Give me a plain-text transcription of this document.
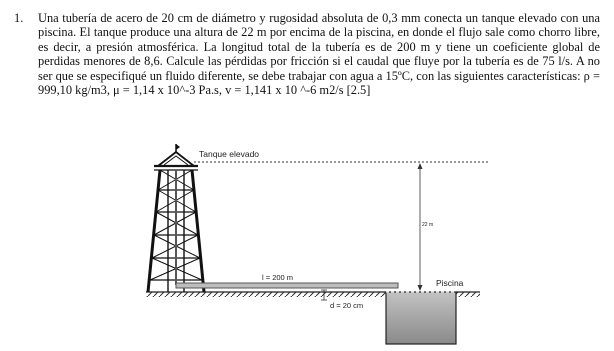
1. Una tubería de acero de 20 cm de diámetro y rugosidad absoluta de 0,3 mm conecta un tanque elevado con una piscina. El tanque produce una altura de 22 m por encima de la piscina, en donde el flujo sale como chorro libre, es decir, a presión atmosférica. La longitud total de la tubería es de 200 m y tiene un coeficiente global de perdidas menores de 8,6. Calcule las pérdidas por fricción si el caudal que fluye por la tubería es de 75 l/s. A no ser que se especifiqué un fluido diferente, se debe trabajar con agua a 15ºC, con las siguientes características: ρ = 999,10 kg/m3, μ = 1,14 x 10^-3 Pa.s, v = 1,141 x 10 ^-6 m2/s [2.5]
Tanque elevado
l = 200 m
d = 20 cm
Piscina
22 m
